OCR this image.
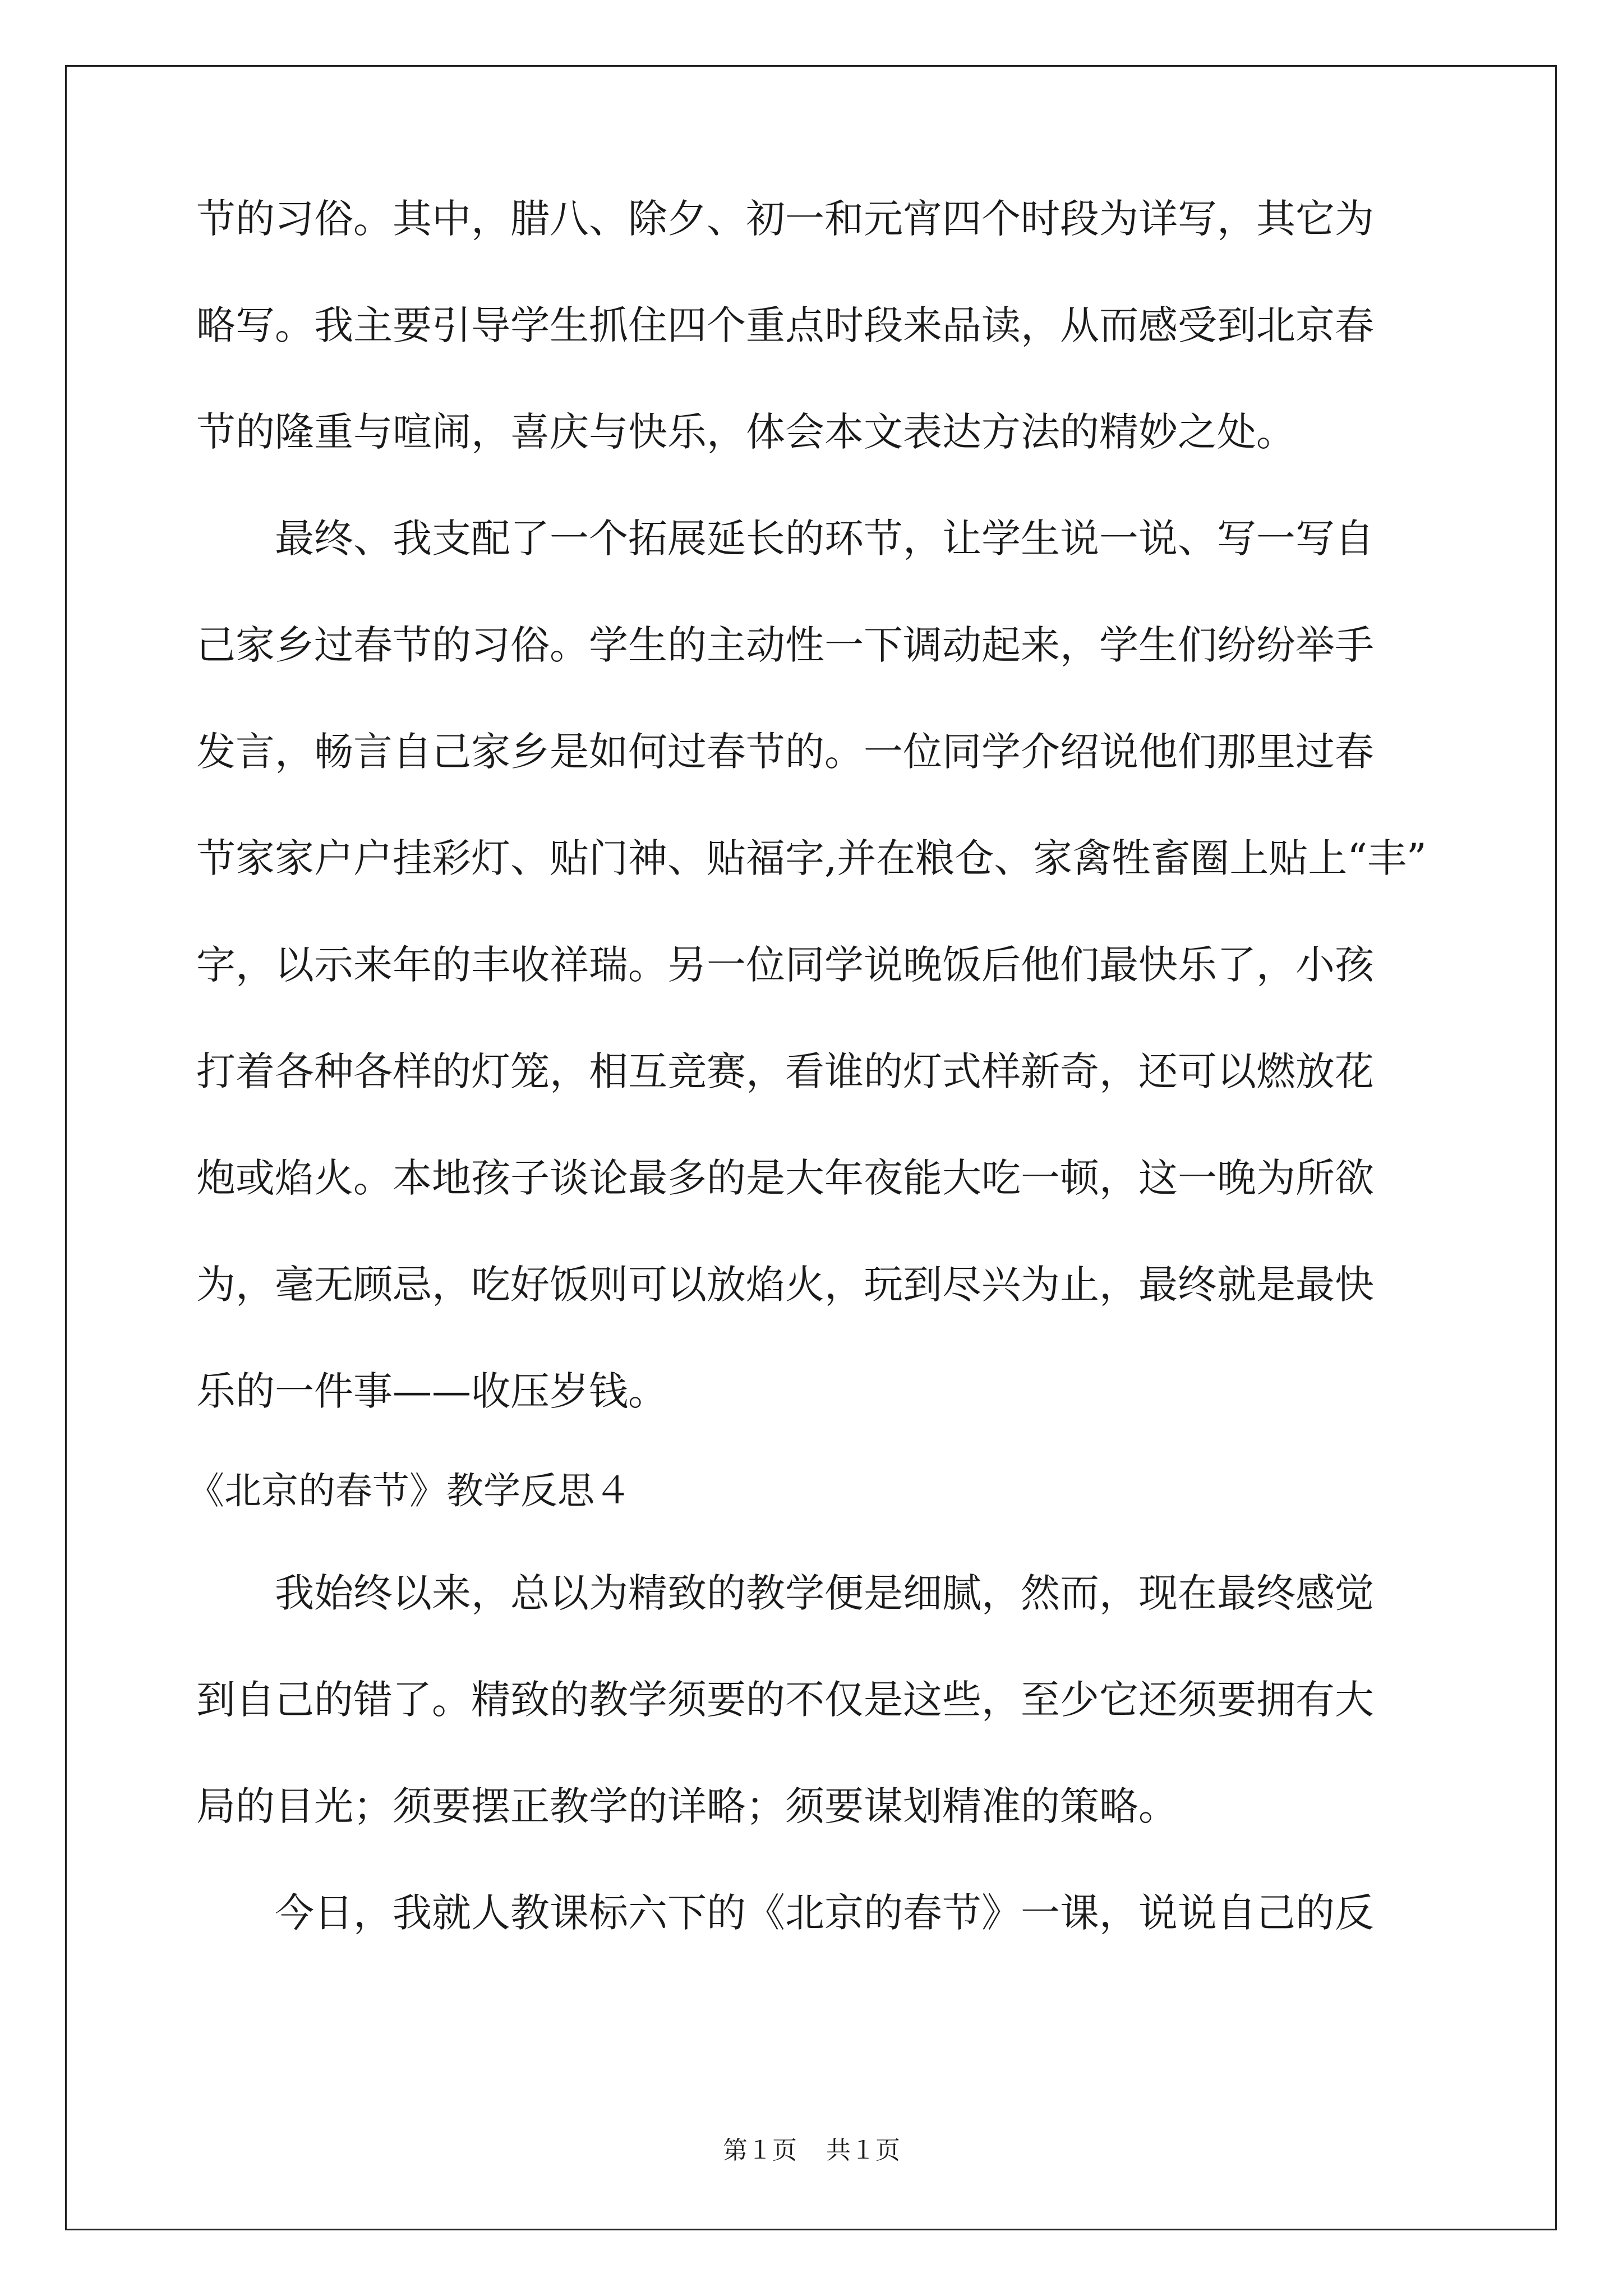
节的习俗。其中，腊八、除夕、初一和元宵四个时段为详写，其它为
略写。我主要引导学生抓住四个重点时段来品读，从而感受到北京春
节的隆重与喧闹，喜庆与快乐，体会本文表达方法的精妙之处。
最终、我支配了一个拓展延长的环节，让学生说一说、写一写自
己家乡过春节的习俗。学生的主动性一下调动起来，学生们纷纷举手
发言，畅言自己家乡是如何过春节的。一位同学介绍说他们那里过春
节家家户户挂彩灯、贴门神、贴福字,并在粮仓、家禽牲畜圈上贴上“丰”
字，以示来年的丰收祥瑞。另一位同学说晚饭后他们最快乐了，小孩
打着各种各样的灯笼，相互竞赛，看谁的灯式样新奇，还可以燃放花
炮或焰火。本地孩子谈论最多的是大年夜能大吃一顿，这一晚为所欲
为，毫无顾忌，吃好饭则可以放焰火，玩到尽兴为止，最终就是最快
乐的一件事——收压岁钱。
《北京的春节》教学反思４
我始终以来，总以为精致的教学便是细腻，然而，现在最终感觉
到自己的错了。精致的教学须要的不仅是这些，至少它还须要拥有大
局的目光；须要摆正教学的详略；须要谋划精准的策略。
今日，我就人教课标六下的《北京的春节》一课，说说自己的反
第１页 共１页
